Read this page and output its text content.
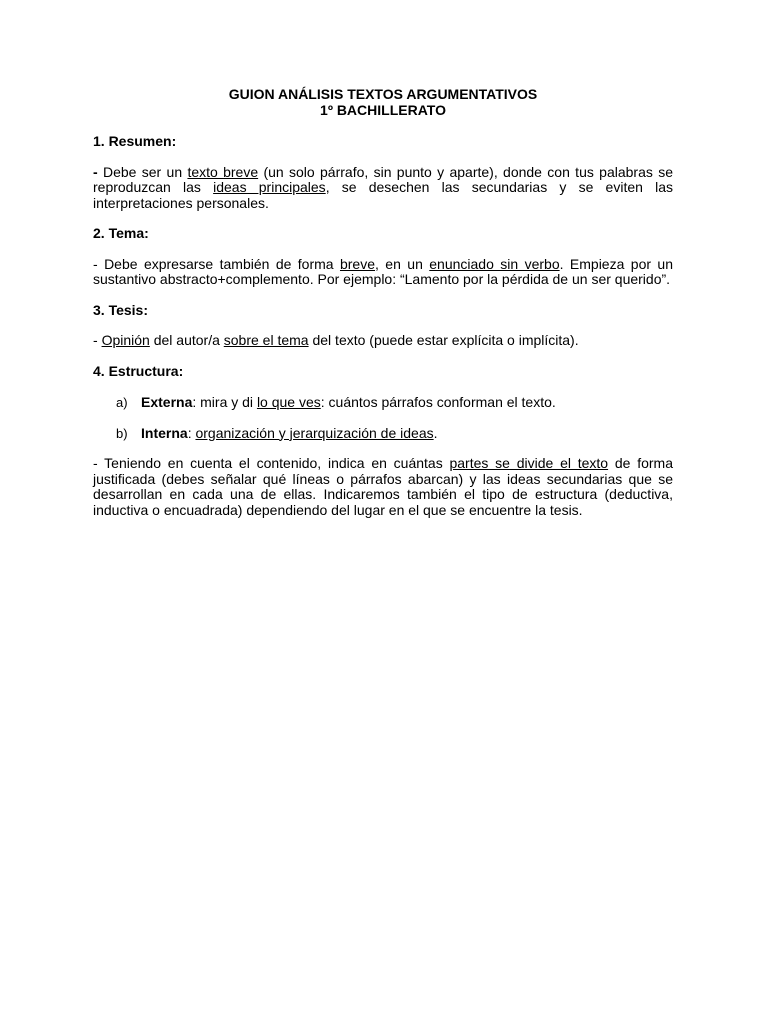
GUION ANÁLISIS TEXTOS ARGUMENTATIVOS
1º BACHILLERATO
1. Resumen:
- Debe ser un texto breve (un solo párrafo, sin punto y aparte), donde con tus palabras se reproduzcan las ideas principales, se desechen las secundarias y se eviten las interpretaciones personales.
2. Tema:
- Debe expresarse también de forma breve, en un enunciado sin verbo. Empieza por un sustantivo abstracto+complemento. Por ejemplo: “Lamento por la pérdida de un ser querido”.
3. Tesis:
- Opinión del autor/a sobre el tema del texto (puede estar explícita o implícita).
4. Estructura:
a) Externa: mira y di lo que ves: cuántos párrafos conforman el texto.
b) Interna: organización y jerarquización de ideas.
- Teniendo en cuenta el contenido, indica en cuántas partes se divide el texto de forma justificada (debes señalar qué líneas o párrafos abarcan) y las ideas secundarias que se desarrollan en cada una de ellas. Indicaremos también el tipo de estructura (deductiva, inductiva o encuadrada) dependiendo del lugar en el que se encuentre la tesis.
